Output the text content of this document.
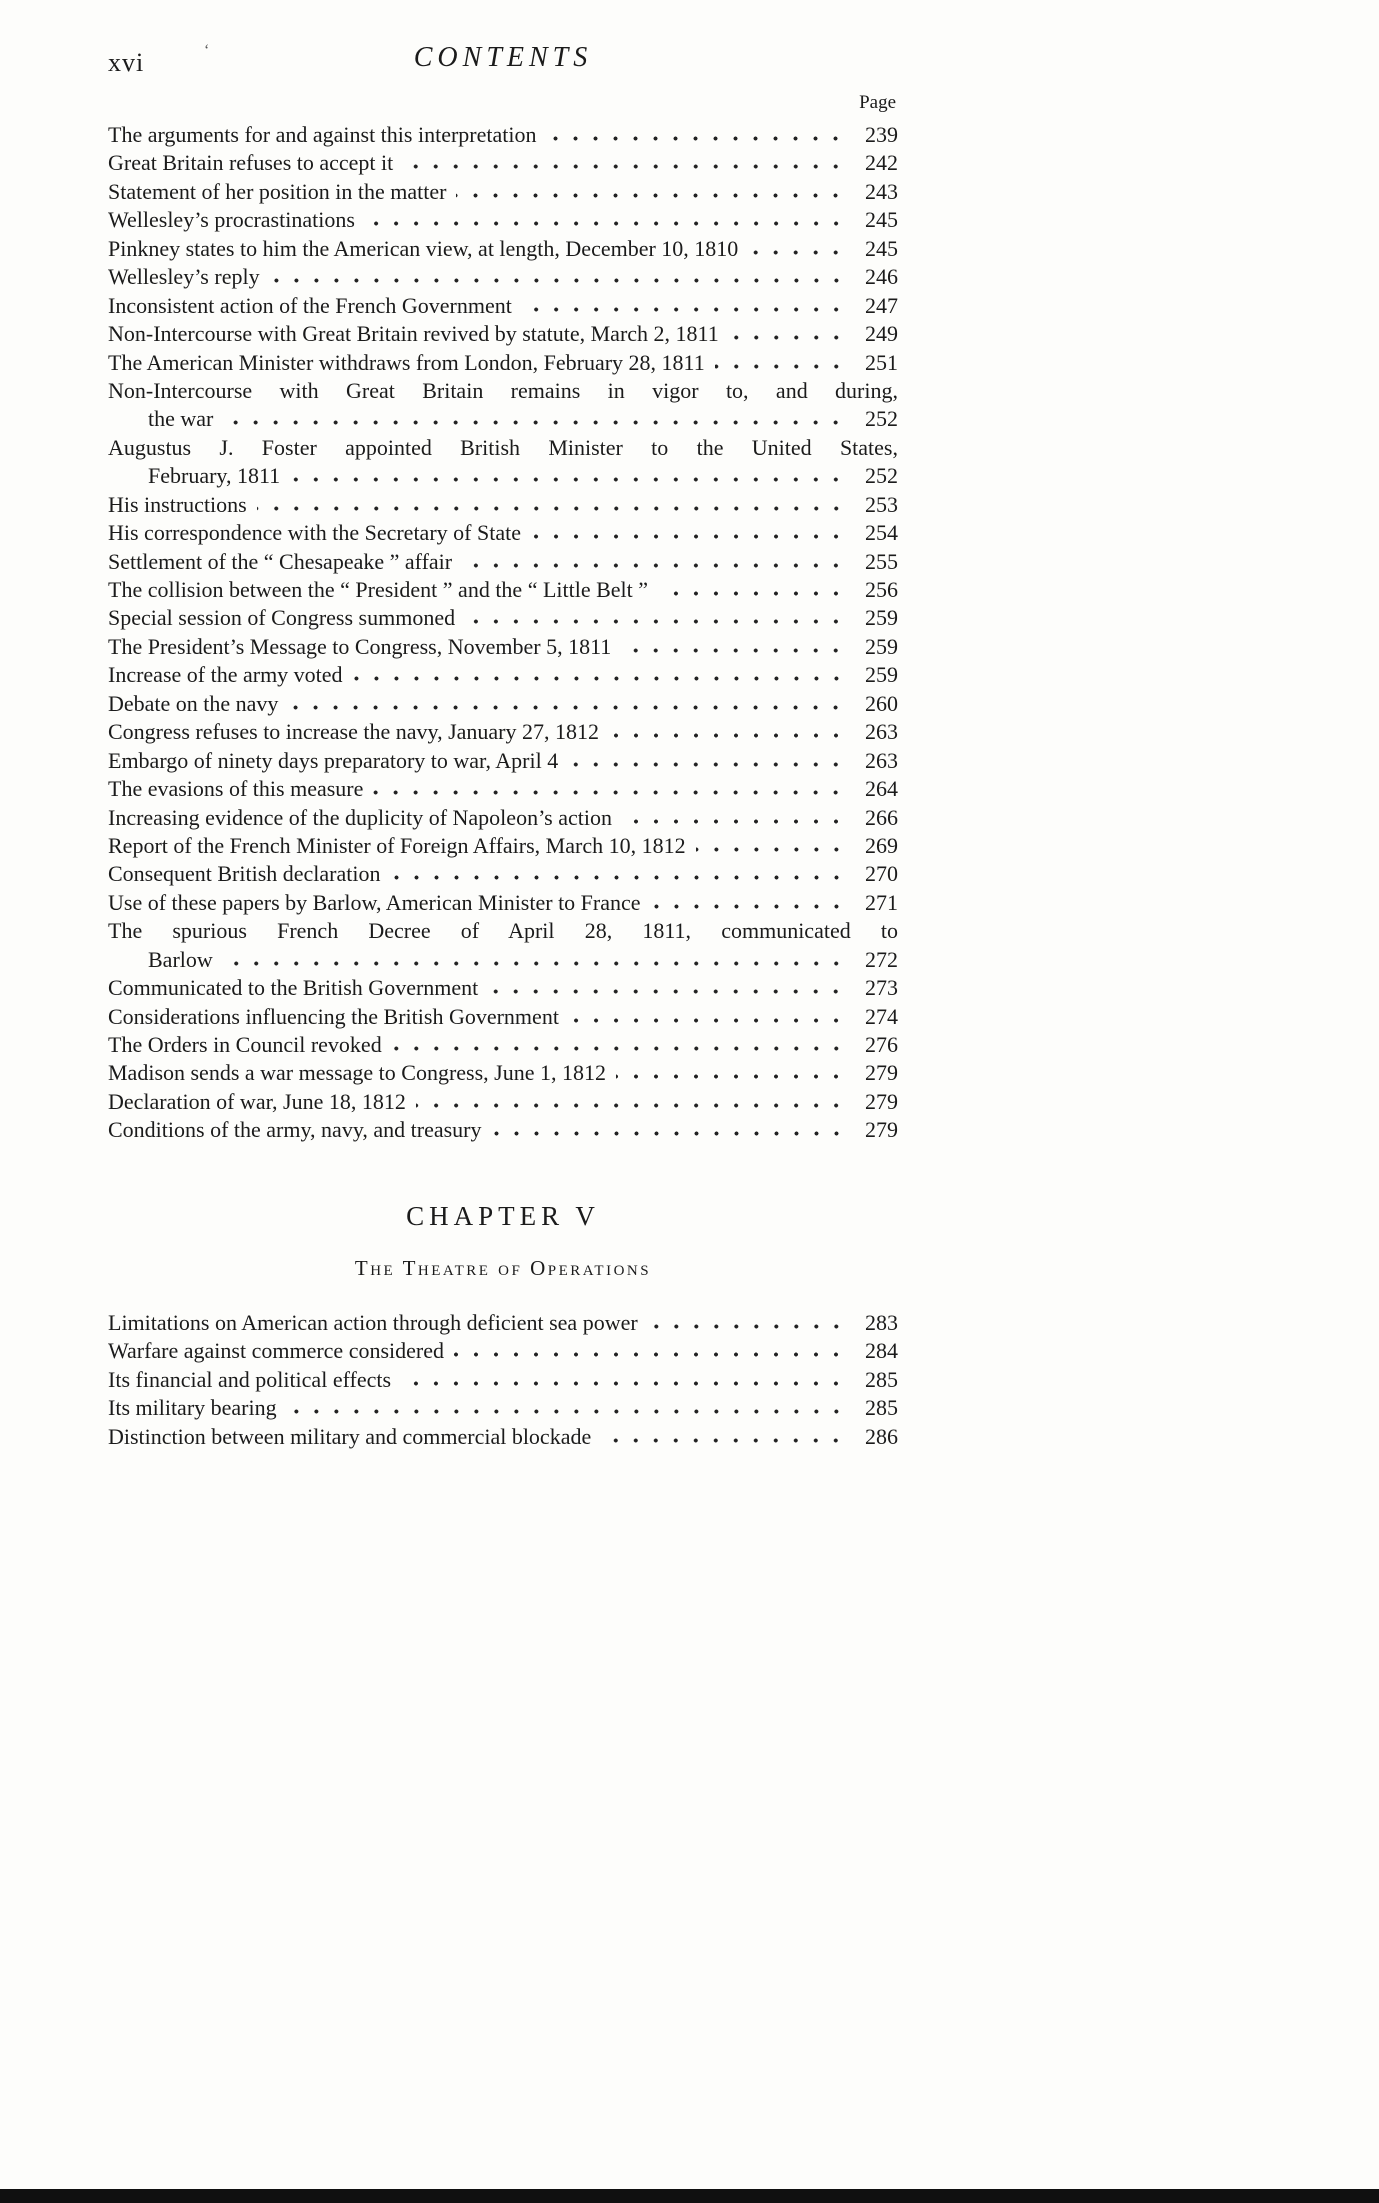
xvi	ʻ	CONTENTS
Page
The arguments for and against this interpretation	239
Great Britain refuses to accept it	242
Statement of her position in the matter	243
Wellesley’s procrastinations	245
Pinkney states to him the American view, at length, December 10, 1810	245
Wellesley’s reply	246
Inconsistent action of the French Government	247
Non-Intercourse with Great Britain revived by statute, March 2, 1811	249
The American Minister withdraws from London, February 28, 1811	251
Non-Intercourse with Great Britain remains in vigor to, and during,
the war	252
Augustus J. Foster appointed British Minister to the United States,
February, 1811	252
His instructions	253
His correspondence with the Secretary of State	254
Settlement of the “ Chesapeake ” affair	255
The collision between the “ President ” and the “ Little Belt ”	256
Special session of Congress summoned	259
The President’s Message to Congress, November 5, 1811	259
Increase of the army voted	259
Debate on the navy	260
Congress refuses to increase the navy, January 27, 1812	263
Embargo of ninety days preparatory to war, April 4	263
The evasions of this measure	264
Increasing evidence of the duplicity of Napoleon’s action	266
Report of the French Minister of Foreign Affairs, March 10, 1812	269
Consequent British declaration	270
Use of these papers by Barlow, American Minister to France	271
The spurious French Decree of April 28, 1811, communicated to
Barlow	272
Communicated to the British Government	273
Considerations influencing the British Government	274
The Orders in Council revoked	276
Madison sends a war message to Congress, June 1, 1812	279
Declaration of war, June 18, 1812	279
Conditions of the army, navy, and treasury	279
CHAPTER V
The Theatre of Operations
Limitations on American action through deficient sea power	283
Warfare against commerce considered	284
Its financial and political effects	285
Its military bearing	285
Distinction between military and commercial blockade	286
